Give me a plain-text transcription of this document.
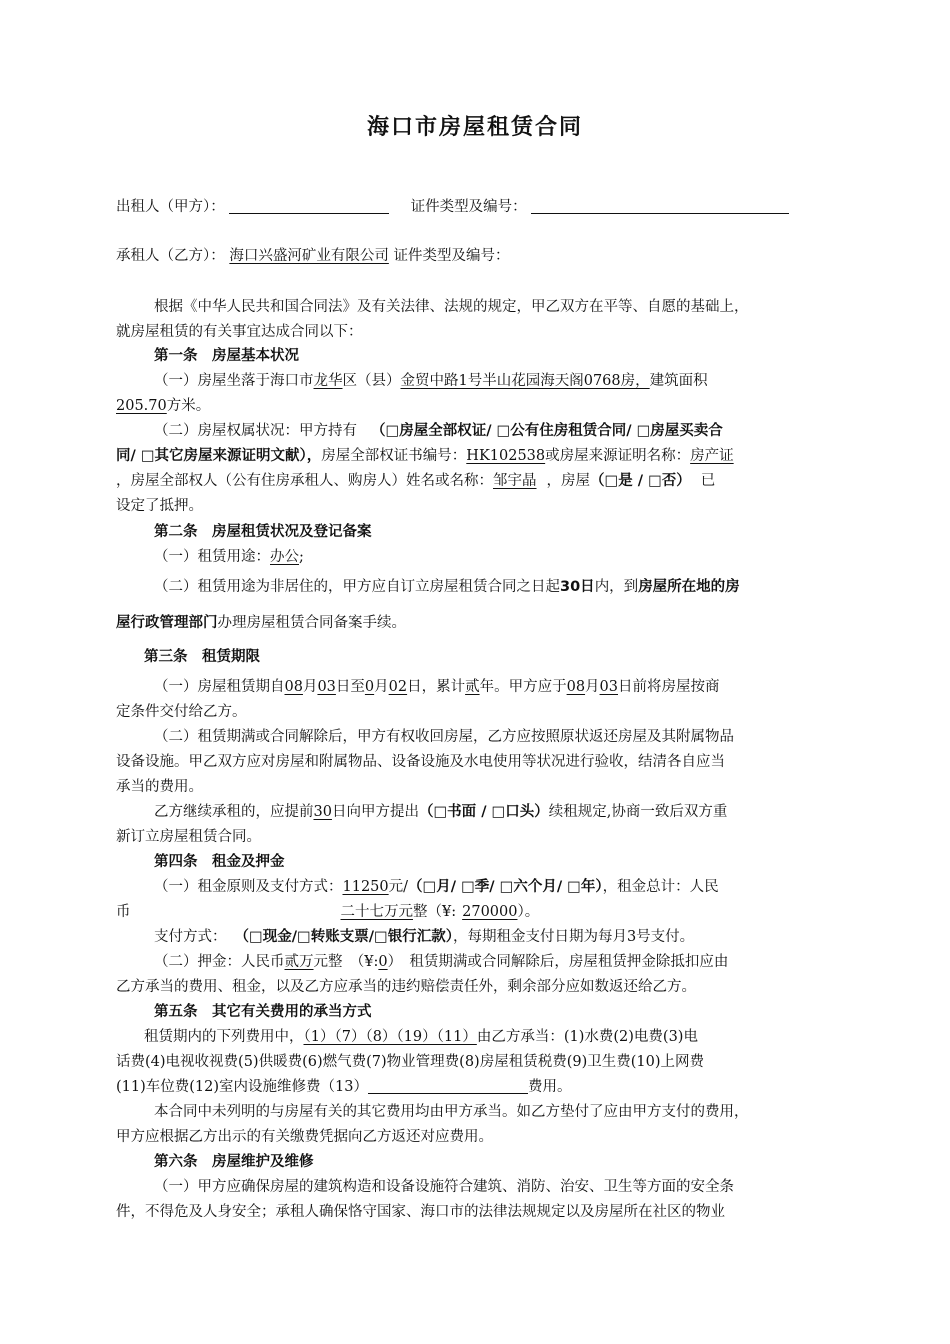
海口市房屋租赁合同
出租人（甲方）：	证件类型及编号：
承租人（乙方）： 海口兴盛河矿业有限公司 证件类型及编号：
根据《中华人民共和国合同法》及有关法律、法规的规定，甲乙双方在平等、自愿的基础上，
就房屋租赁的有关事宜达成合同以下：
第一条　房屋基本状况
（一）房屋坐落于海口市龙华区（县）金贸中路1号半山花园海天阁0768房，建筑面积
205.70方米。
（二）房屋权属状况：甲方持有 （□房屋全部权证/ □公有住房租赁合同/ □房屋买卖合
同/ □其它房屋来源证明文献），房屋全部权证书编号：HK102538或房屋来源证明名称：房产证
，房屋全部权人（公有住房承租人、购房人）姓名或名称：邹宇晶 ，房屋（□是 / □否） 已
设定了抵押。
第二条　房屋租赁状况及登记备案
（一）租赁用途：办公;
（二）租赁用途为非居住的，甲方应自订立房屋租赁合同之日起30日内，到房屋所在地的房
屋行政管理部门办理房屋租赁合同备案手续。
第三条　租赁期限
（一）房屋租赁期自08月03日至0月02日，累计贰年。甲方应于08月03日前将房屋按商
定条件交付给乙方。
（二）租赁期满或合同解除后，甲方有权收回房屋，乙方应按照原状返还房屋及其附属物品
设备设施。甲乙双方应对房屋和附属物品、设备设施及水电使用等状况进行验收，结清各自应当
承当的费用。
乙方继续承租的，应提前30日向甲方提出（□书面 / □口头）续租规定,协商一致后双方重
新订立房屋租赁合同。
第四条　租金及押金
（一）租金原则及支付方式：11250元/（□月/ □季/ □六个月/ □年），租金总计：人民
币	二十七万元整（¥: 270000）。
支付方式： （□现金/□转账支票/□银行汇款），每期租金支付日期为每月3号支付。
（二）押金：人民币贰万元整　（¥:0）　租赁期满或合同解除后，房屋租赁押金除抵扣应由
乙方承当的费用、租金，以及乙方应承当的违约赔偿责任外，剩余部分应如数返还给乙方。
第五条　其它有关费用的承当方式
租赁期内的下列费用中，（1）（7）（8）（19）（11）由乙方承当：(1)水费(2)电费(3)电
话费(4)电视收视费(5)供暖费(6)燃气费(7)物业管理费(8)房屋租赁税费(9)卫生费(10)上网费
(11)车位费(12)室内设施维修费（13）	费用。
本合同中未列明的与房屋有关的其它费用均由甲方承当。如乙方垫付了应由甲方支付的费用，
甲方应根据乙方出示的有关缴费凭据向乙方返还对应费用。
第六条　房屋维护及维修
（一）甲方应确保房屋的建筑构造和设备设施符合建筑、消防、治安、卫生等方面的安全条
件，不得危及人身安全；承租人确保恪守国家、海口市的法律法规规定以及房屋所在社区的物业
